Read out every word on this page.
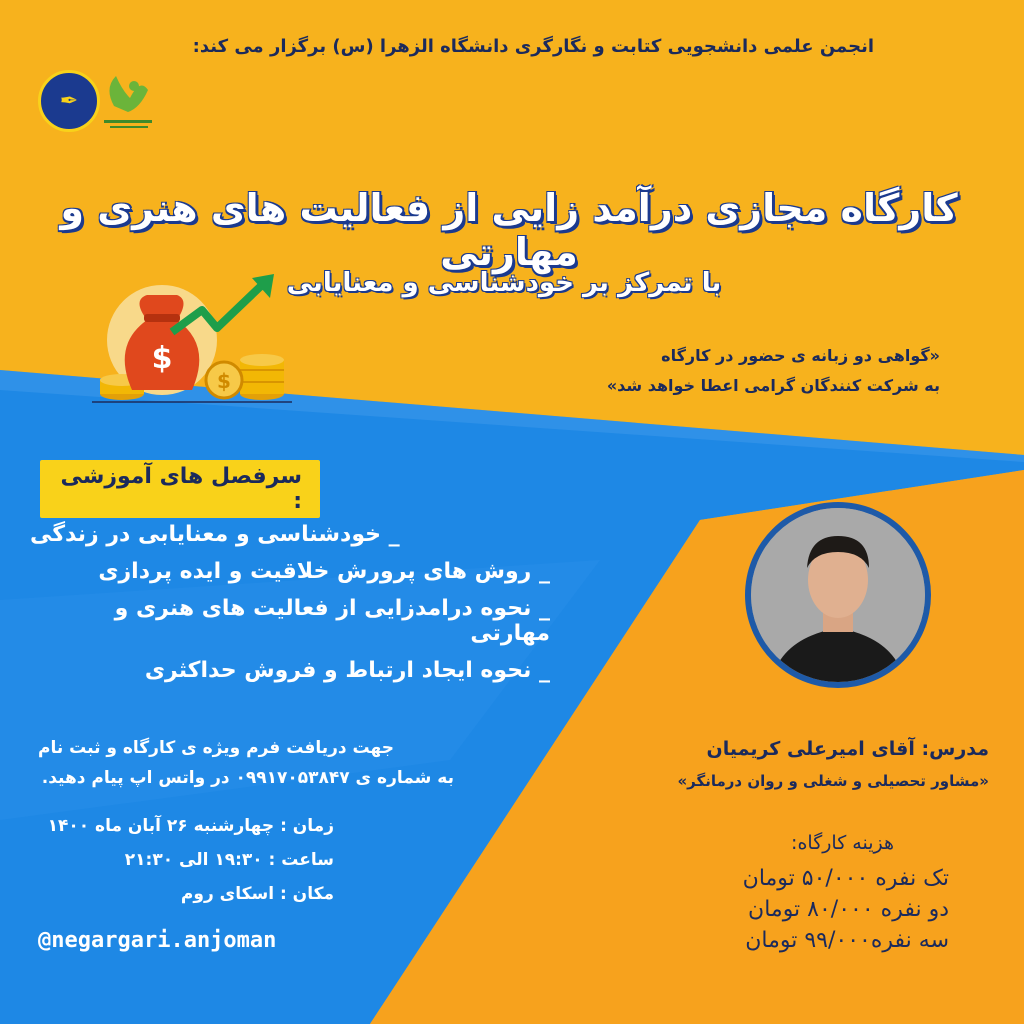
انجمن علمی دانشجویی کتابت و نگارگری دانشگاه الزهرا (س) برگزار می کند:
✒
کارگاه مجازی درآمد زایی از فعالیت های هنری و مهارتی
با تمرکز بر خودشناسی و معنایابی
$
$
«گواهی دو زبانه ی حضور در کارگاه
به شرکت کنندگان گرامی اعطا خواهد شد»
سرفصل های آموزشی :
_ خودشناسی و معنایابی در زندگی
_ روش های پرورش خلاقیت و ایده پردازی
_ نحوه درامدزایی از فعالیت های هنری و مهارتی
_ نحوه ایجاد ارتباط و فروش حداکثری
جهت دریافت فرم ویژه ی کارگاه و ثبت نام
به شماره ی ۰۹۹۱۷۰۵۳۸۴۷ در واتس اپ پیام دهید.
زمان : چهارشنبه ۲۶ آبان ماه ۱۴۰۰
ساعت : ۱۹:۳۰ الی ۲۱:۳۰
مکان : اسکای روم
@negargari.anjoman
مدرس: آقای امیرعلی کریمیان
«مشاور تحصیلی و شغلی و روان درمانگر»
هزینه کارگاه:
تک نفره ۵۰/۰۰۰ تومان
دو نفره ۸۰/۰۰۰ تومان
سه نفره۹۹/۰۰۰ تومان
